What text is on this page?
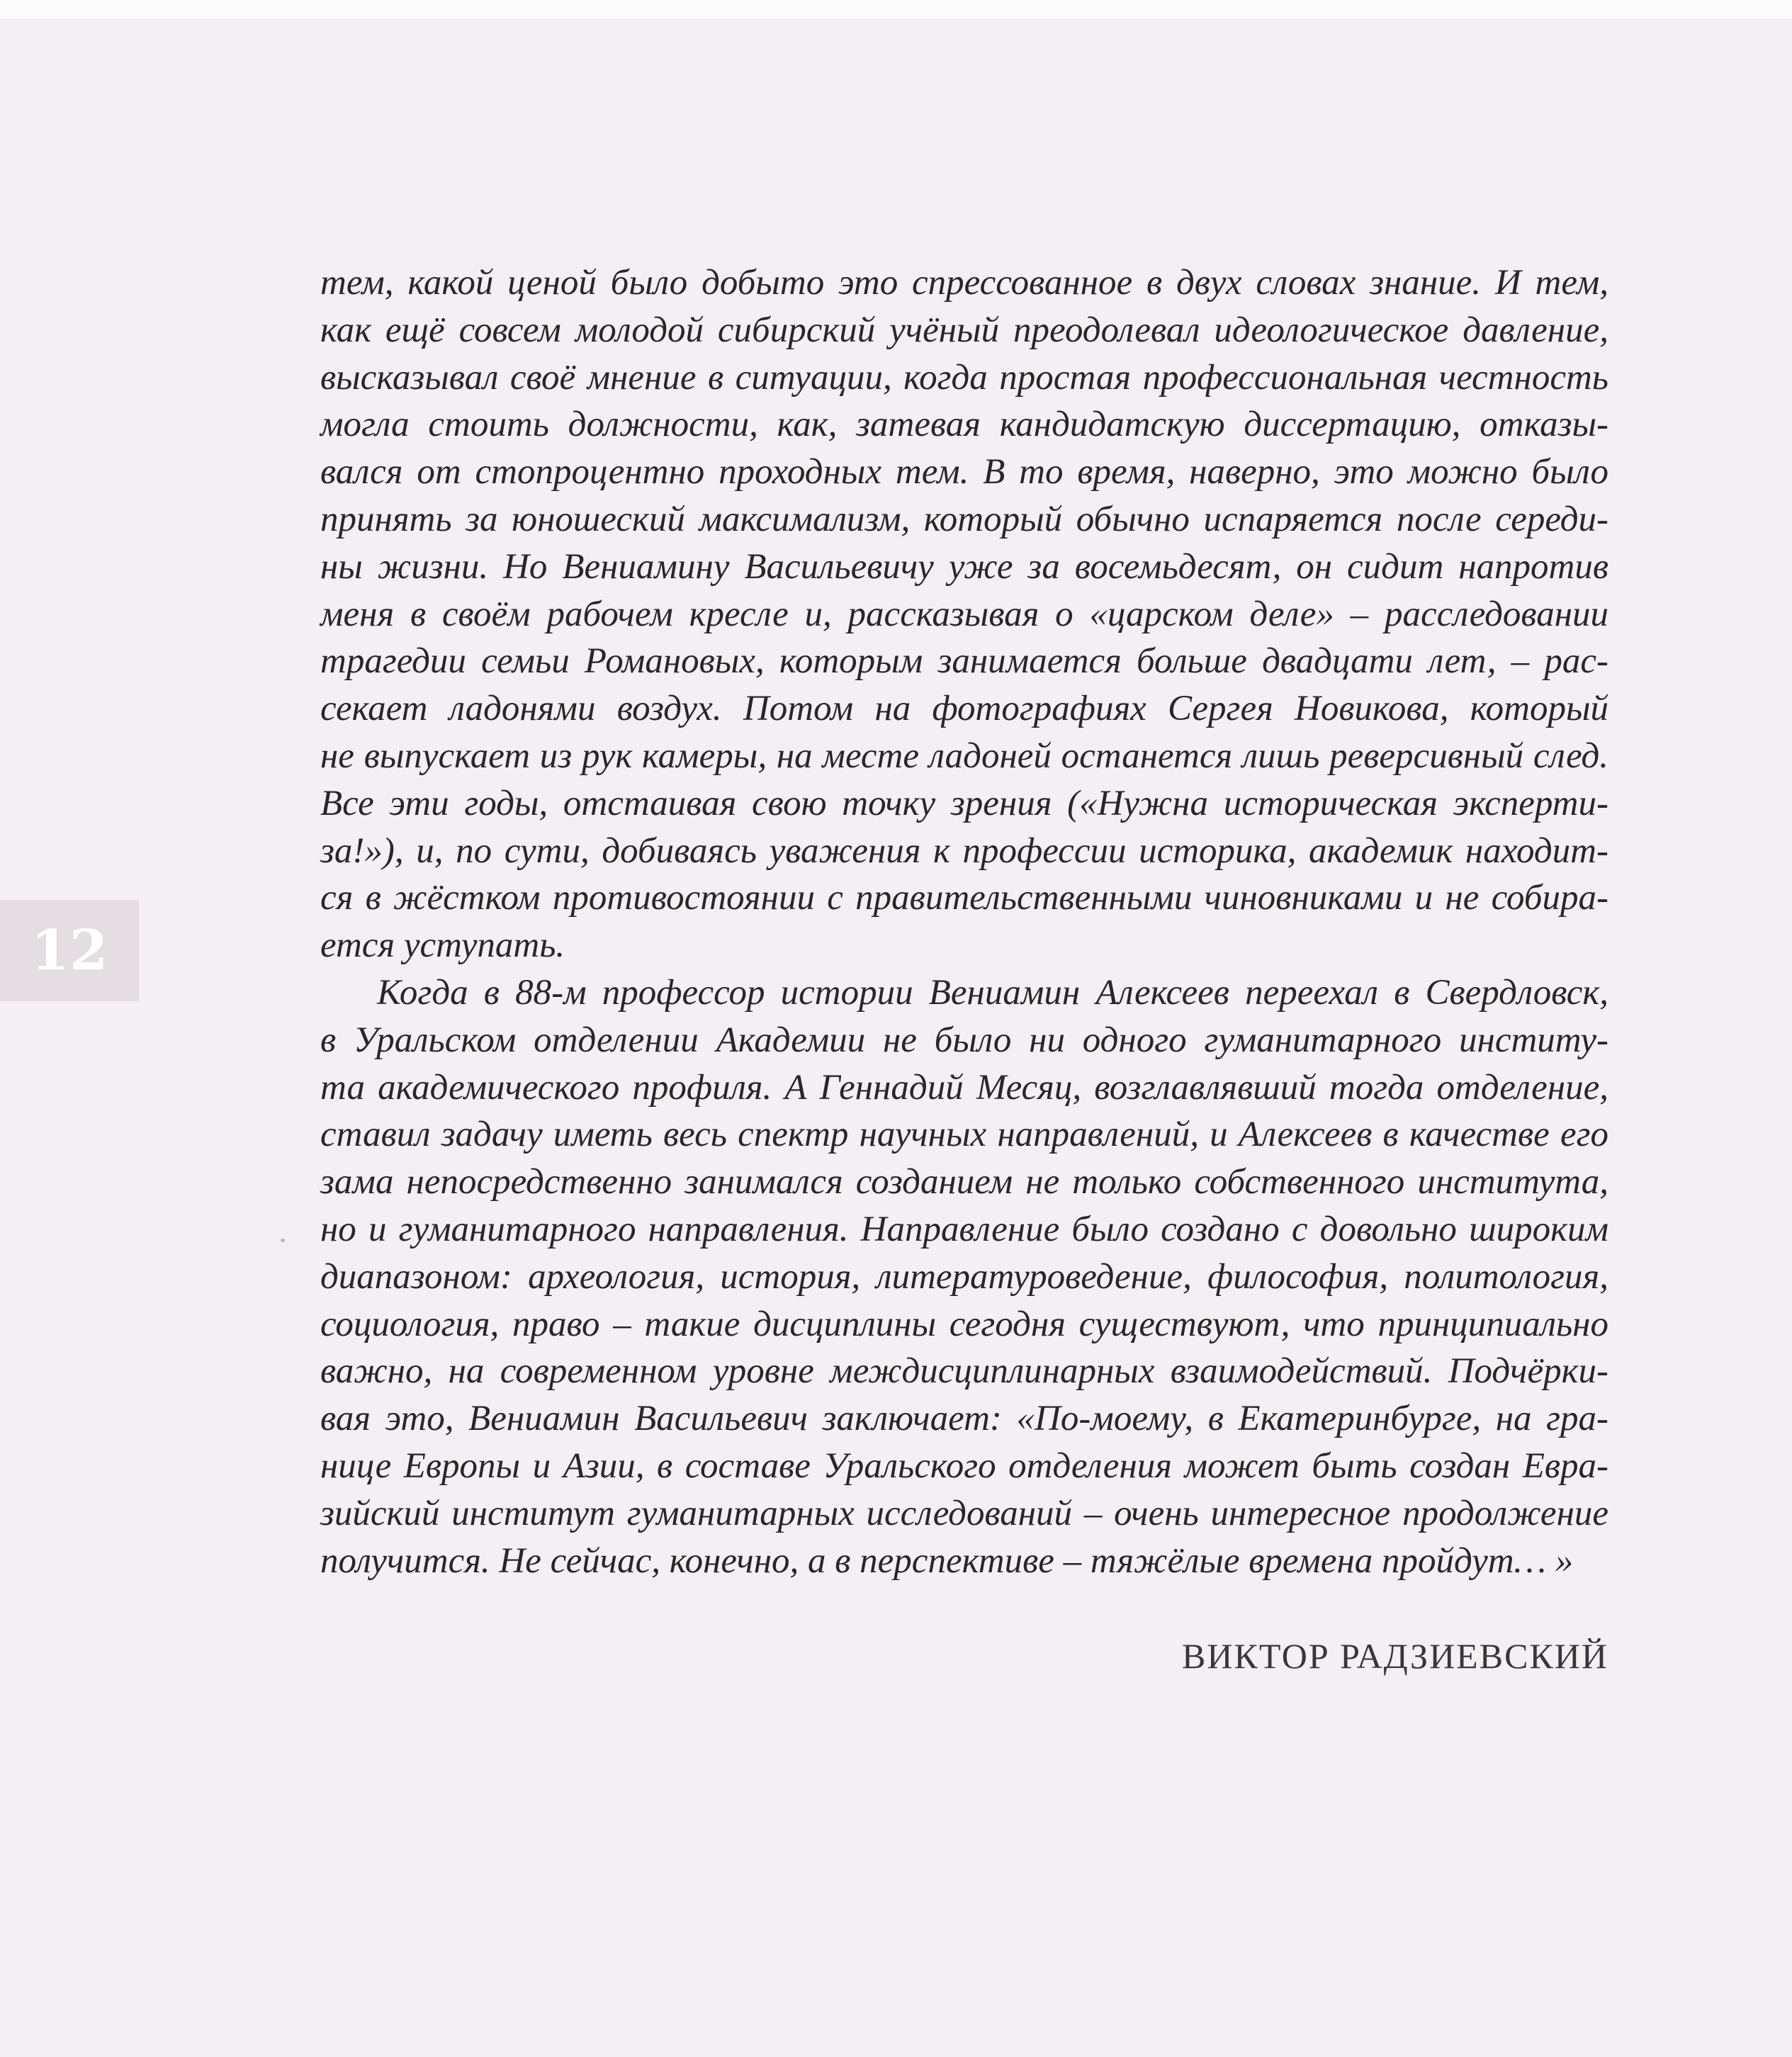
12
тем, какой ценой было добыто это спрессованное в двух словах знание. И тем,
как ещё совсем молодой сибирский учёный преодолевал идеологическое давление,
высказывал своё мнение в ситуации, когда простая профессиональная честность
могла стоить должности, как, затевая кандидатскую диссертацию, отказы-
вался от стопроцентно проходных тем. В то время, наверно, это можно было
принять за юношеский максимализм, который обычно испаряется после середи-
ны жизни. Но Вениамину Васильевичу уже за восемьдесят, он сидит напротив
меня в своём рабочем кресле и, рассказывая о «царском деле» – расследовании
трагедии семьи Романовых, которым занимается больше двадцати лет, – рас-
секает ладонями воздух. Потом на фотографиях Сергея Новикова, который
не выпускает из рук камеры, на месте ладоней останется лишь реверсивный след.
Все эти годы, отстаивая свою точку зрения («Нужна историческая эксперти-
за!»), и, по сути, добиваясь уважения к профессии историка, академик находит-
ся в жёстком противостоянии с правительственными чиновниками и не собира-
ется уступать.
Когда в 88-м профессор истории Вениамин Алексеев переехал в Свердловск,
в Уральском отделении Академии не было ни одного гуманитарного институ-
та академического профиля. А Геннадий Месяц, возглавлявший тогда отделение,
ставил задачу иметь весь спектр научных направлений, и Алексеев в качестве его
зама непосредственно занимался созданием не только собственного института,
но и гуманитарного направления. Направление было создано с довольно широким
диапазоном: археология, история, литературоведение, философия, политология,
социология, право – такие дисциплины сегодня существуют, что принципиально
важно, на современном уровне междисциплинарных взаимодействий. Подчёрки-
вая это, Вениамин Васильевич заключает: «По-моему, в Екатеринбурге, на гра-
нице Европы и Азии, в составе Уральского отделения может быть создан Евра-
зийский институт гуманитарных исследований – очень интересное продолжение
получится. Не сейчас, конечно, а в перспективе – тяжёлые времена пройдут… »
ВИКТОР РАДЗИЕВСКИЙ
